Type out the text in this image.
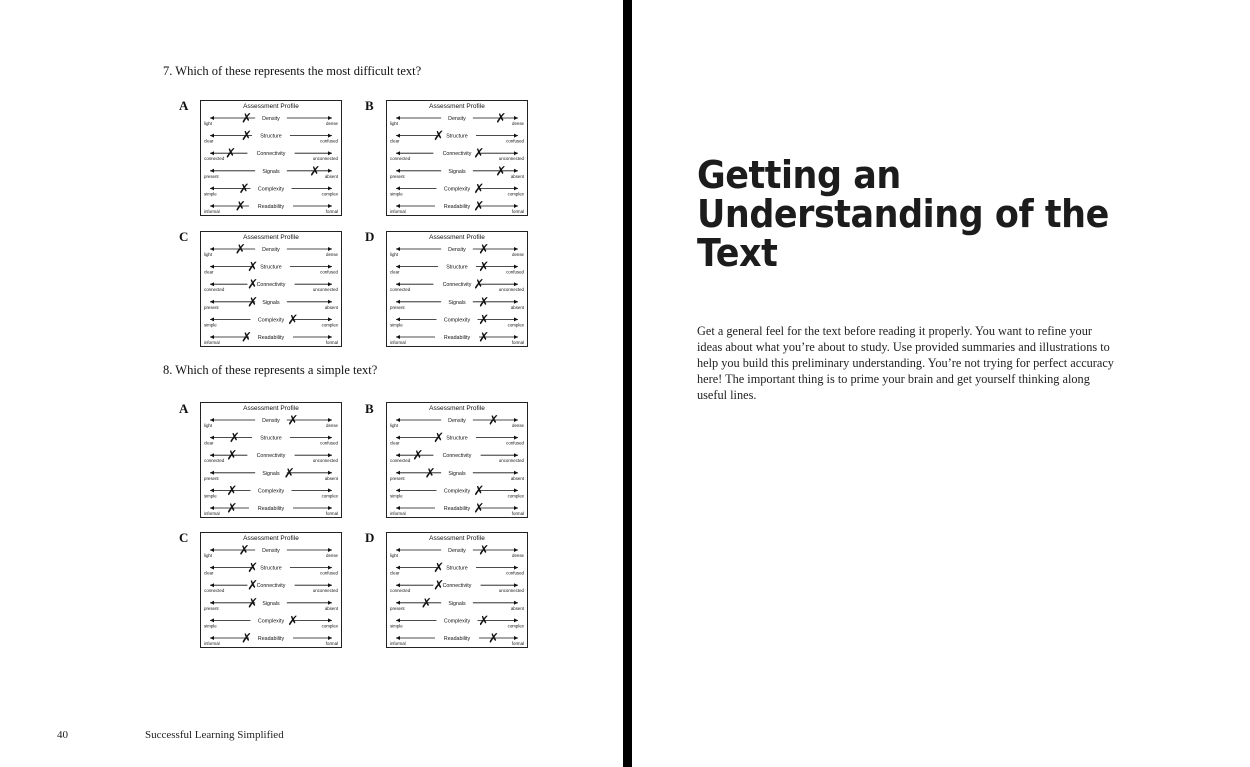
7. Which of these represents the most difficult text?
A	Assessment Profile
Density
light	dense
✗
Structure
clear	confused
✗
Connectivity
connected	unconnected
✗
Signals
present	absent
✗
Complexity
simple	complex
✗
Readability
informal	formal
✗
B	Assessment Profile
Density
light	dense
✗
Structure
clear	confused
✗
Connectivity
connected	unconnected
✗
Signals
present	absent
✗
Complexity
simple	complex
✗
Readability
informal	formal
✗
C	Assessment Profile
Density
light	dense
✗
Structure
clear	confused
✗
Connectivity
connected	unconnected
✗
Signals
present	absent
✗
Complexity
simple	complex
✗
Readability
informal	formal
✗
D	Assessment Profile
Density
light	dense
✗
Structure
clear	confused
✗
Connectivity
connected	unconnected
✗
Signals
present	absent
✗
Complexity
simple	complex
✗
Readability
informal	formal
✗
8. Which of these represents a simple text?
A	Assessment Profile
Density
light	dense
✗
Structure
clear	confused
✗
Connectivity
connected	unconnected
✗
Signals
present	absent
✗
Complexity
simple	complex
✗
Readability
informal	formal
✗
B	Assessment Profile
Density
light	dense
✗
Structure
clear	confused
✗
Connectivity
connected	unconnected
✗
Signals
present	absent
✗
Complexity
simple	complex
✗
Readability
informal	formal
✗
C	Assessment Profile
Density
light	dense
✗
Structure
clear	confused
✗
Connectivity
connected	unconnected
✗
Signals
present	absent
✗
Complexity
simple	complex
✗
Readability
informal	formal
✗
D	Assessment Profile
Density
light	dense
✗
Structure
clear	confused
✗
Connectivity
connected	unconnected
✗
Signals
present	absent
✗
Complexity
simple	complex
✗
Readability
informal	formal
✗
40	Successful Learning Simplified
Getting an Understanding of the Text

Get a general feel for the text before reading it properly. You want to refine your ideas about what you’re about to study. Use provided summaries and illustrations to help you build this preliminary understanding. You’re not trying for perfect accuracy here! The important thing is to prime your brain and get yourself thinking along useful lines.
